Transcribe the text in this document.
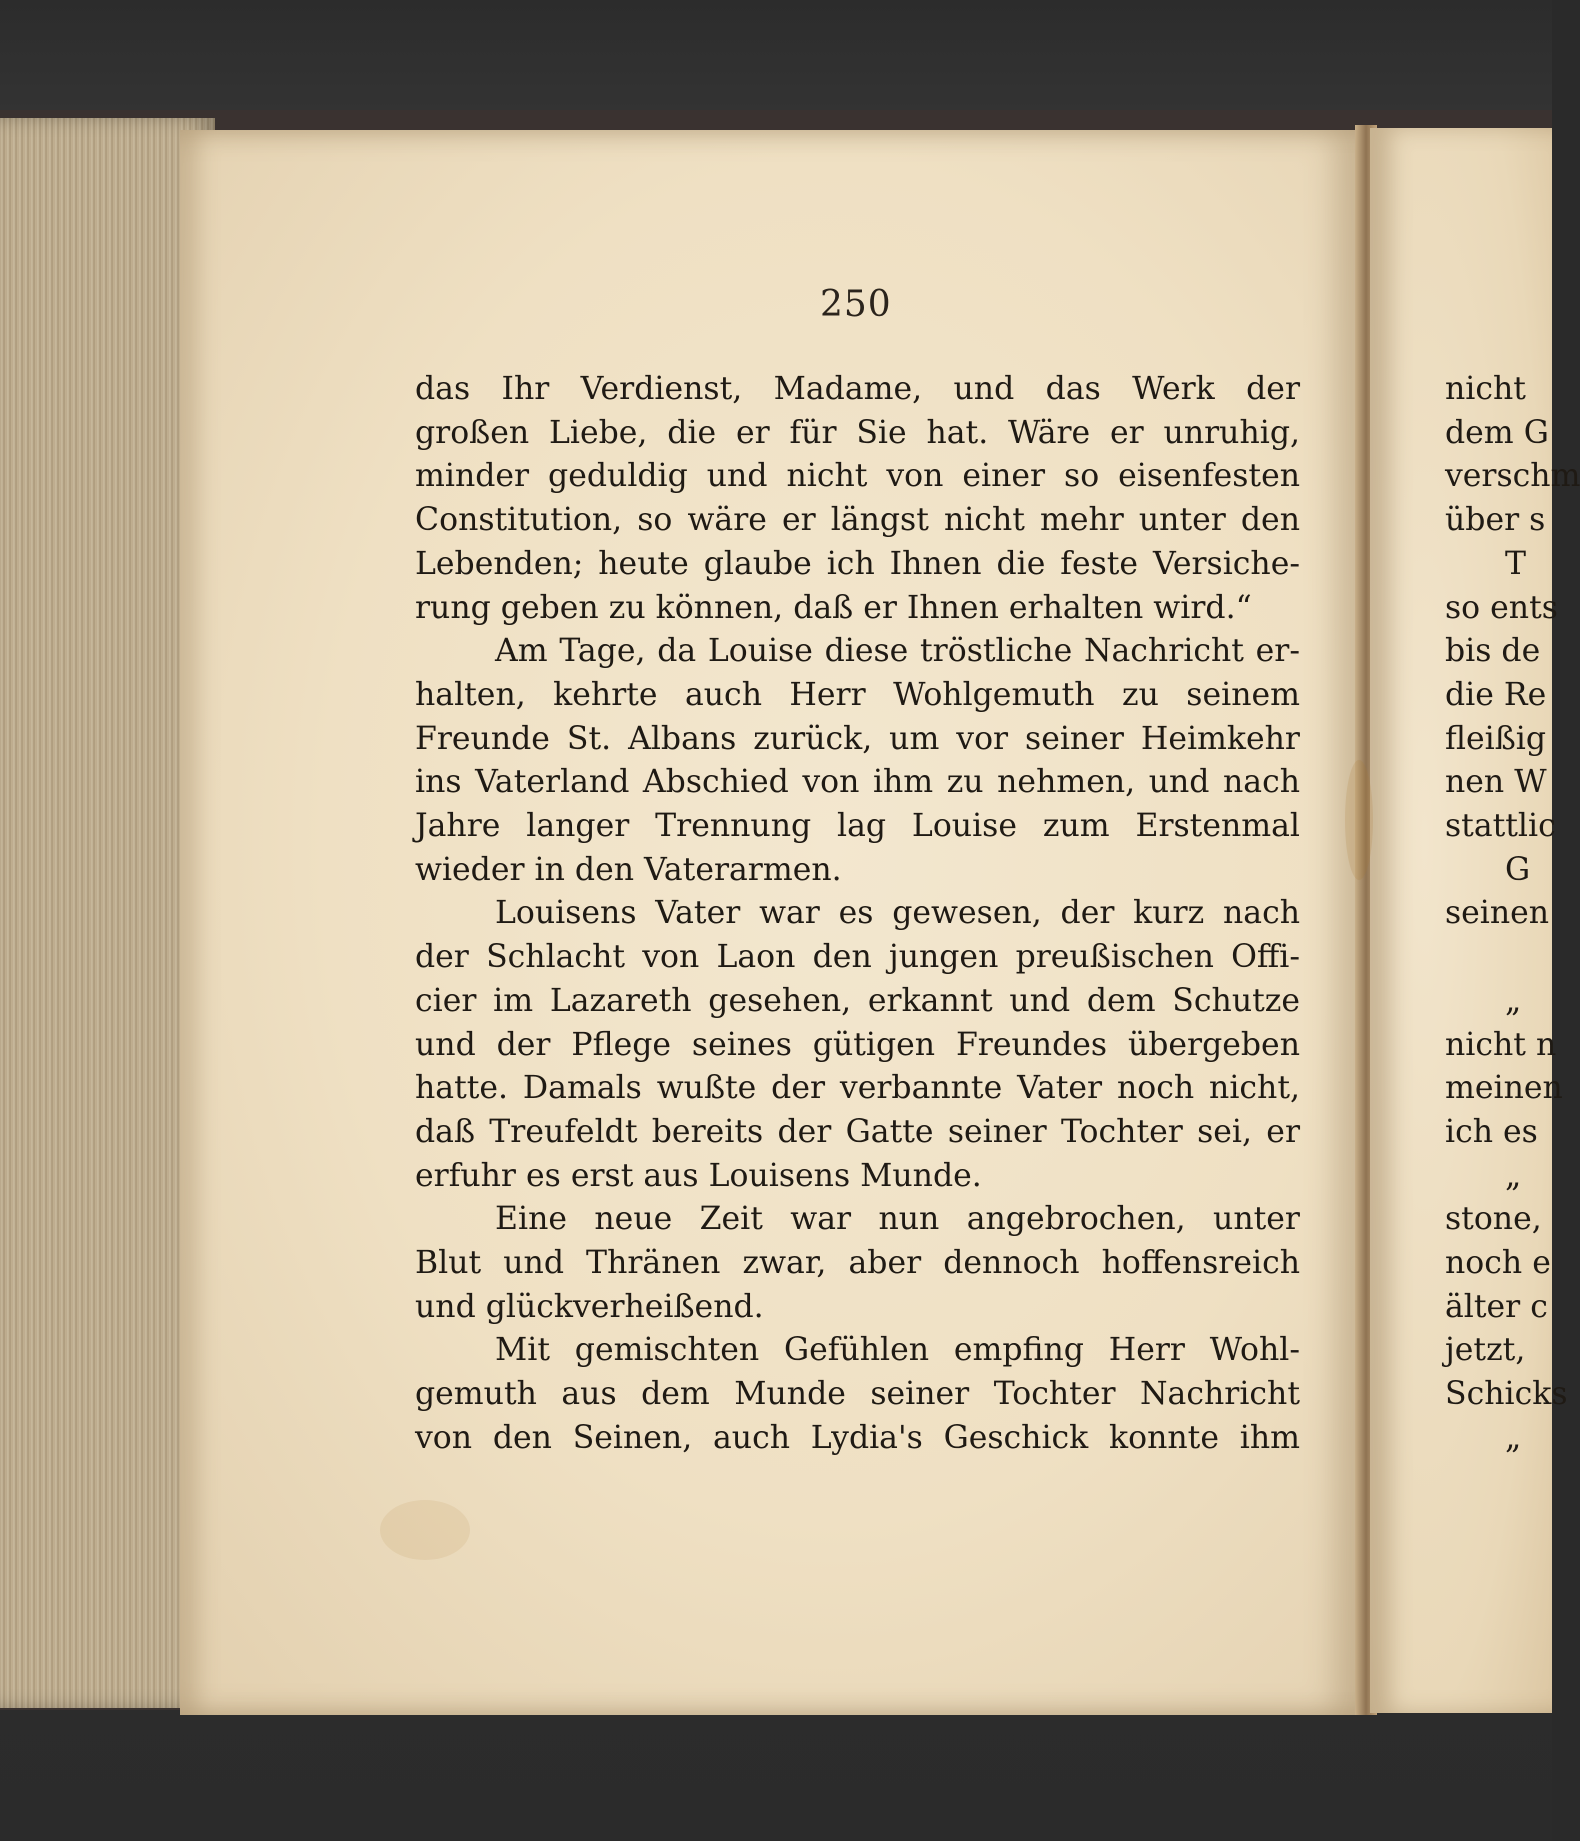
250
das Ihr Verdienst, Madame, und das Werk der
großen Liebe, die er für Sie hat. Wäre er unruhig,
minder geduldig und nicht von einer so eisenfesten
Constitution, so wäre er längst nicht mehr unter den
Lebenden; heute glaube ich Ihnen die feste Versiche-
rung geben zu können, daß er Ihnen erhalten wird.“
Am Tage, da Louise diese tröstliche Nachricht er-
halten, kehrte auch Herr Wohlgemuth zu seinem
Freunde St. Albans zurück, um vor seiner Heimkehr
ins Vaterland Abschied von ihm zu nehmen, und nach
Jahre langer Trennung lag Louise zum Erstenmal
wieder in den Vaterarmen.
Louisens Vater war es gewesen, der kurz nach
der Schlacht von Laon den jungen preußischen Offi-
cier im Lazareth gesehen, erkannt und dem Schutze
und der Pflege seines gütigen Freundes übergeben
hatte. Damals wußte der verbannte Vater noch nicht,
daß Treufeldt bereits der Gatte seiner Tochter sei, er
erfuhr es erst aus Louisens Munde.
Eine neue Zeit war nun angebrochen, unter
Blut und Thränen zwar, aber dennoch hoffensreich
und glückverheißend.
Mit gemischten Gefühlen empfing Herr Wohl-
gemuth aus dem Munde seiner Tochter Nachricht
von den Seinen, auch Lydia's Geschick konnte ihm
nicht
dem G
verschm
über s
T
so ents
bis de
die Re
fleißig
nen W
stattlic
G
seinen
„
nicht n
meinen
ich es
„
stone,
noch e
älter c
jetzt,
Schicks
„
